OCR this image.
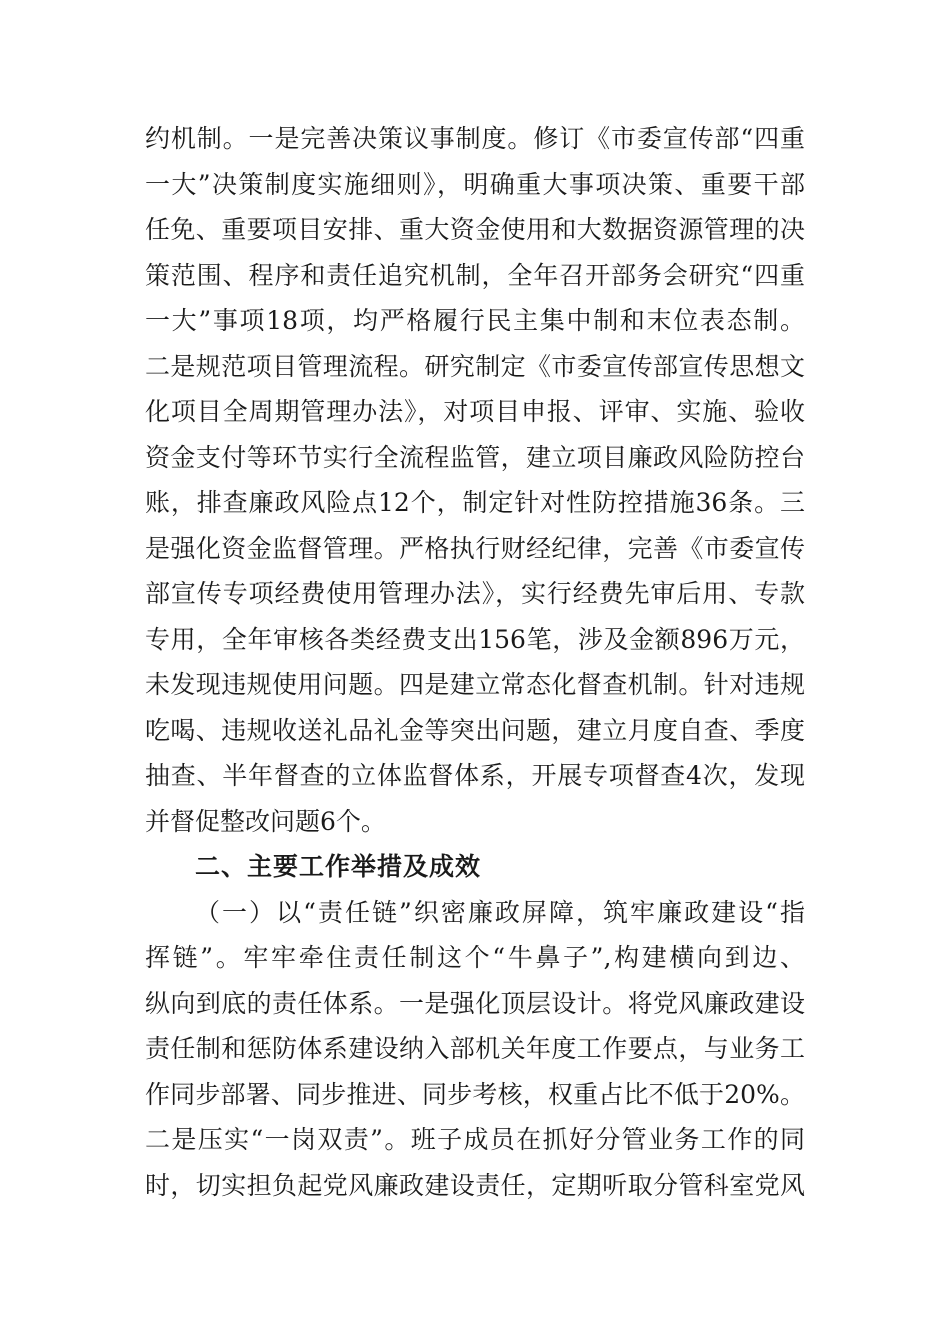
约机制。一是完善决策议事制度。修订《市委宣传部“四重
一大”决策制度实施细则》，明确重大事项决策、重要干部
任免、重要项目安排、重大资金使用和大数据资源管理的决
策范围、程序和责任追究机制，全年召开部务会研究“四重
一大”事项18项，均严格履行民主集中制和末位表态制。
二是规范项目管理流程。研究制定《市委宣传部宣传思想文
化项目全周期管理办法》，对项目申报、评审、实施、验收
资金支付等环节实行全流程监管，建立项目廉政风险防控台
账，排查廉政风险点12个，制定针对性防控措施36条。三
是强化资金监督管理。严格执行财经纪律，完善《市委宣传
部宣传专项经费使用管理办法》，实行经费先审后用、专款
专用，全年审核各类经费支出156笔，涉及金额896万元，
未发现违规使用问题。四是建立常态化督查机制。针对违规
吃喝、违规收送礼品礼金等突出问题，建立月度自查、季度
抽查、半年督查的立体监督体系，开展专项督查4次，发现
并督促整改问题6个。
二、主要工作举措及成效
（一）以“责任链”织密廉政屏障，筑牢廉政建设“指
挥链”。牢牢牵住责任制这个“牛鼻子”,构建横向到边、
纵向到底的责任体系。一是强化顶层设计。将党风廉政建设
责任制和惩防体系建设纳入部机关年度工作要点，与业务工
作同步部署、同步推进、同步考核，权重占比不低于20%。
二是压实“一岗双责”。班子成员在抓好分管业务工作的同
时，切实担负起党风廉政建设责任，定期听取分管科室党风
